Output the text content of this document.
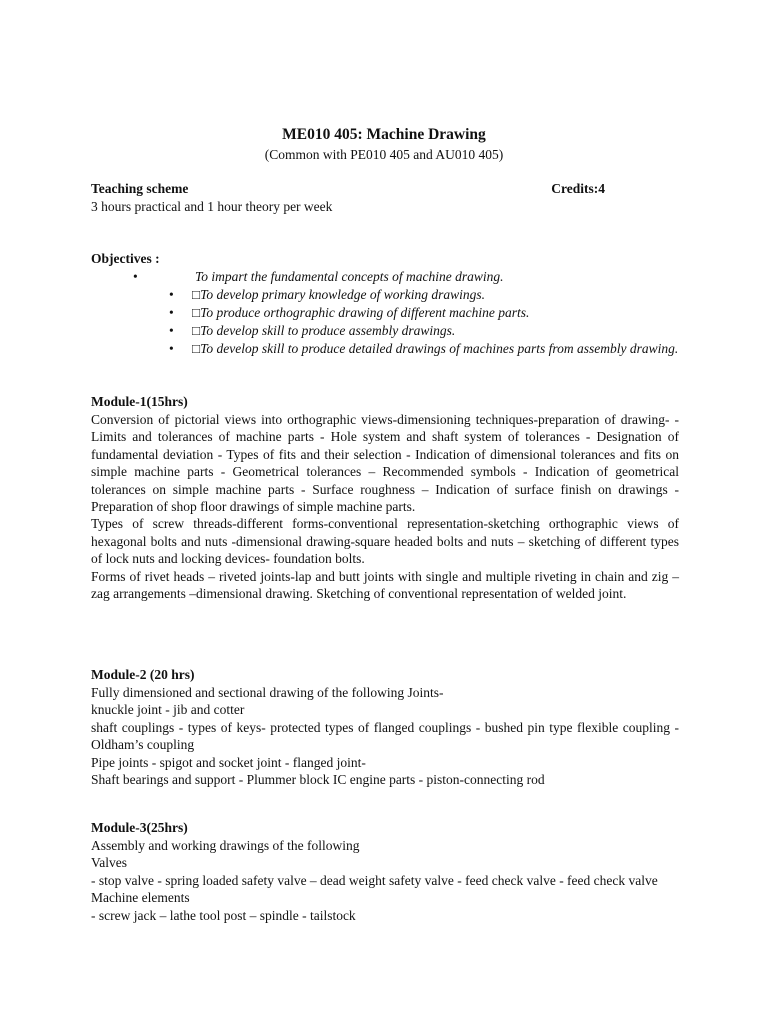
ME010 405: Machine Drawing
(Common with PE010 405 and AU010 405)
Teaching scheme	Credits:4
3 hours practical and 1 hour theory per week
Objectives :
•	To impart the fundamental concepts of machine drawing.
•	□To develop primary knowledge of working drawings.
•	□To produce orthographic drawing of different machine parts.
•	□To develop skill to produce assembly drawings.
•	□To develop skill to produce detailed drawings of machines parts from assembly drawing.
Module-1(15hrs)

Conversion of pictorial views into orthographic views-dimensioning techniques-preparation of drawing- - Limits and tolerances of machine parts - Hole system and shaft system of tolerances - Designation of fundamental deviation - Types of fits and their selection - Indication of dimensional tolerances and fits on simple machine parts - Geometrical tolerances – Recommended symbols - Indication of geometrical tolerances on simple machine parts - Surface roughness – Indication of surface finish on drawings - Preparation of shop floor drawings of simple machine parts.

Types of screw threads-different forms-conventional representation-sketching orthographic views of hexagonal bolts and nuts -dimensional drawing-square headed bolts and nuts – sketching of different types of lock nuts and locking devices- foundation bolts.

Forms of rivet heads – riveted joints-lap and butt joints with single and multiple riveting in chain and zig – zag arrangements –dimensional drawing. Sketching of conventional representation of welded joint.

Module-2 (20 hrs)

Fully dimensioned and sectional drawing of the following Joints-

knuckle joint - jib and cotter

shaft couplings - types of keys- protected types of flanged couplings - bushed pin type flexible coupling - Oldham’s coupling

Pipe joints - spigot and socket joint - flanged joint-

Shaft bearings and support - Plummer block IC engine parts - piston-connecting rod

Module-3(25hrs)

Assembly and working drawings of the following

Valves

- stop valve - spring loaded safety valve – dead weight safety valve - feed check valve - feed check valve

Machine elements

- screw jack – lathe tool post – spindle - tailstock
